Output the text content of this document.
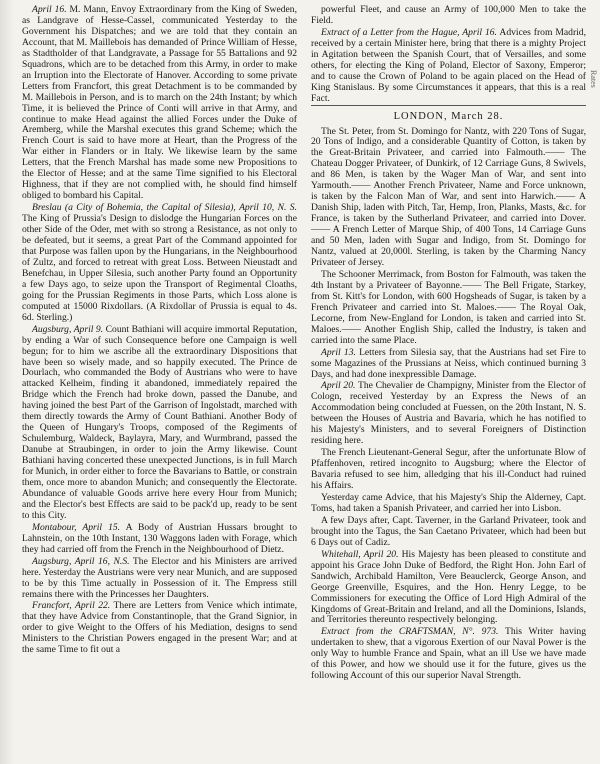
April 16. M. Mann, Envoy Extraordinary from the King of Sweden, as Landgrave of Hesse-Cassel, communicated Yesterday to the Government his Dispatches; and we are told that they contain an Account, that M. Maillebois has demanded of Prince William of Hesse, as Stadtholder of that Landgravate, a Passage for 55 Battalions and 92 Squadrons, which are to be detached from this Army, in order to make an Irruption into the Electorate of Hanover. According to some private Letters from Francfort, this great Detachment is to be commanded by M. Maillebois in Person, and is to march on the 24th Instant; by which Time, it is believed the Prince of Conti will arrive in that Army, and continue to make Head against the allied Forces under the Duke of Aremberg, while the Marshal executes this grand Scheme; which the French Court is said to have more at Heart, than the Progress of the War either in Flanders or in Italy. We likewise learn by the same Letters, that the French Marshal has made some new Propositions to the Elector of Hesse; and at the same Time signified to his Electoral Highness, that if they are not complied with, he should find himself obliged to bombard his Capital.

Breslau (a City of Bohemia, the Capital of Silesia), April 10, N. S. The King of Prussia's Design to dislodge the Hungarian Forces on the other Side of the Oder, met with so strong a Resistance, as not only to be defeated, but it seems, a great Part of the Command appointed for that Purpose was fallen upon by the Hungarians, in the Neighbourhood of Zultz, and forced to retreat with great Loss. Between Nieustadt and Benefchau, in Upper Silesia, such another Party found an Opportunity a few Days ago, to seize upon the Transport of Regimental Cloaths, going for the Prussian Regiments in those Parts, which Loss alone is computed at 15000 Rixdollars. (A Rixdollar of Prussia is equal to 4s. 6d. Sterling.)

Augsburg, April 9. Count Bathiani will acquire immortal Reputation, by ending a War of such Consequence before one Campaign is well begun; for to him we ascribe all the extraordinary Dispositions that have been so wisely made, and so happily executed. The Prince de Dourlach, who commanded the Body of Austrians who were to have attacked Kelheim, finding it abandoned, immediately repaired the Bridge which the French had broke down, passed the Danube, and having joined the best Part of the Garrison of Ingolstadt, marched with them directly towards the Army of Count Bathiani. Another Body of the Queen of Hungary's Troops, composed of the Regiments of Schulemburg, Waldeck, Baylayra, Mary, and Wurmbrand, passed the Danube at Straubingen, in order to join the Army likewise. Count Bathiani having concerted these unexpected Junctions, is in full March for Munich, in order either to force the Bavarians to Battle, or constrain them, once more to abandon Munich; and consequently the Electorate. Abundance of valuable Goods arrive here every Hour from Munich; and the Elector's best Effects are said to be pack'd up, ready to be sent to this City.

Montabour, April 15. A Body of Austrian Hussars brought to Lahnstein, on the 10th Instant, 130 Waggons laden with Forage, which they had carried off from the French in the Neighbourhood of Dietz.

Augsburg, April 16, N.S. The Elector and his Ministers are arrived here. Yesterday the Austrians were very near Munich, and are supposed to be by this Time actually in Possession of it. The Empress still remains there with the Princesses her Daughters.

Francfort, April 22. There are Letters from Venice which intimate, that they have Advice from Constantinople, that the Grand Signior, in order to give Weight to the Offers of his Mediation, designs to send Ministers to the Christian Powers engaged in the present War; and at the same Time to fit out a

powerful Fleet, and cause an Army of 100,000 Men to take the Field.

Extract of a Letter from the Hague, April 16. Advices from Madrid, received by a certain Minister here, bring that there is a mighty Project in Agitation between the Spanish Court, that of Versailles, and some others, for electing the King of Poland, Elector of Saxony, Emperor; and to cause the Crown of Poland to be again placed on the Head of King Stanislaus. By some Circumstances it appears, that this is a real Fact.

LONDON, March 28.

The St. Peter, from St. Domingo for Nantz, with 220 Tons of Sugar, 20 Tons of Indigo, and a considerable Quantity of Cotton, is taken by the Great-Britain Privateer, and carried into Falmouth.—— The Chateau Dogger Privateer, of Dunkirk, of 12 Carriage Guns, 8 Swivels, and 86 Men, is taken by the Wager Man of War, and sent into Yarmouth.—— Another French Privateer, Name and Force unknown, is taken by the Falcon Man of War, and sent into Harwich.—— A Danish Ship, laden with Pitch, Tar, Hemp, Iron, Planks, Masts, &c. for France, is taken by the Sutherland Privateer, and carried into Dover.—— A French Letter of Marque Ship, of 400 Tons, 14 Carriage Guns and 50 Men, laden with Sugar and Indigo, from St. Domingo for Nantz, valued at 20,000l. Sterling, is taken by the Charming Nancy Privateer of Jersey.

The Schooner Merrimack, from Boston for Falmouth, was taken the 4th Instant by a Privateer of Bayonne.—— The Bell Frigate, Starkey, from St. Kitt's for London, with 600 Hogsheads of Sugar, is taken by a French Privateer and carried into St. Maloes.—— The Royal Oak, Lecorne, from New-England for London, is taken and carried into St. Maloes.—— Another English Ship, called the Industry, is taken and carried into the same Place.

April 13. Letters from Silesia say, that the Austrians had set Fire to some Magazines of the Prussians at Neiss, which continued burning 3 Days, and had done inexpressible Damage.

April 20. The Chevalier de Champigny, Minister from the Elector of Cologn, received Yesterday by an Express the News of an Accommodation being concluded at Fuessen, on the 20th Instant, N. S. between the Houses of Austria and Bavaria, which he has notified to his Majesty's Ministers, and to several Foreigners of Distinction residing here.

The French Lieutenant-General Segur, after the unfortunate Blow of Pfaffenhoven, retired incognito to Augsburg; where the Elector of Bavaria refused to see him, alledging that his ill-Conduct had ruined his Affairs.

Yesterday came Advice, that his Majesty's Ship the Alderney, Capt. Toms, had taken a Spanish Privateer, and carried her into Lisbon.

A few Days after, Capt. Taverner, in the Garland Privateer, took and brought into the Tagus, the San Caetano Privateer, which had been but 6 Days out of Cadiz.

Whitehall, April 20. His Majesty has been pleased to constitute and appoint his Grace John Duke of Bedford, the Right Hon. John Earl of Sandwich, Archibald Hamilton, Vere Beauclerck, George Anson, and George Greenville, Esquires, and the Hon. Henry Legge, to be Commissioners for executing the Office of Lord High Admiral of the Kingdoms of Great-Britain and Ireland, and all the Dominions, Islands, and Territories thereunto respectively belonging.

Extract from the CRAFTSMAN, N°. 973. This Writer having undertaken to shew, that a vigorous Exertion of our Naval Power is the only Way to humble France and Spain, what an ill Use we have made of this Power, and how we should use it for the future, gives us the following Account of this our superior Naval Strength.

Rates
